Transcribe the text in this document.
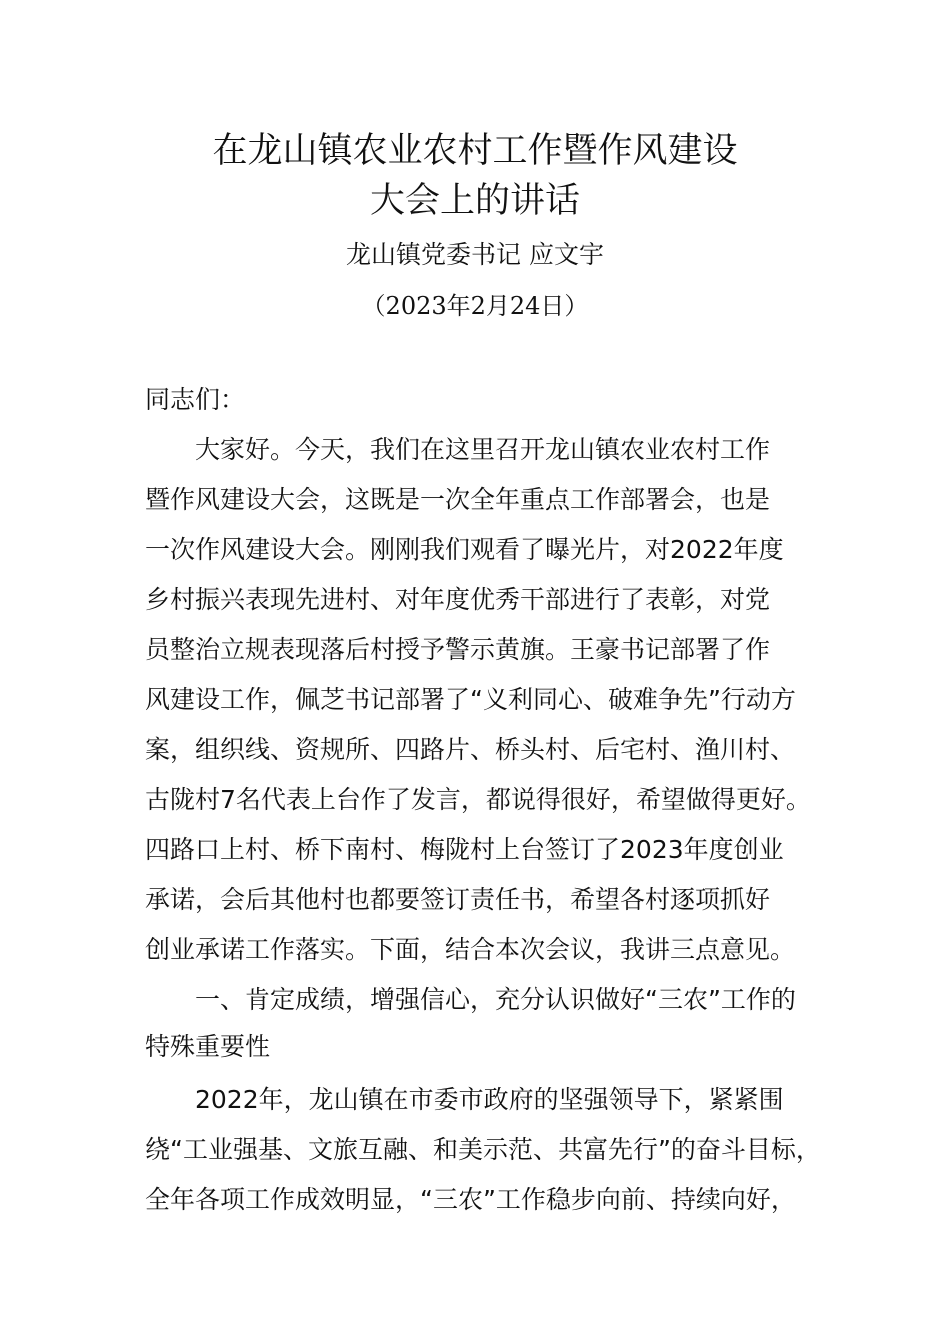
在龙山镇农业农村工作暨作风建设
大会上的讲话
龙山镇党委书记 应文宇
（2023年2月24日）
同志们：
大家好。今天，我们在这里召开龙山镇农业农村工作
暨作风建设大会，这既是一次全年重点工作部署会，也是
一次作风建设大会。刚刚我们观看了曝光片，对2022年度
乡村振兴表现先进村、对年度优秀干部进行了表彰，对党
员整治立规表现落后村授予警示黄旗。王豪书记部署了作
风建设工作，佩芝书记部署了“义利同心、破难争先”行动方
案，组织线、资规所、四路片、桥头村、后宅村、渔川村、
古陇村7名代表上台作了发言，都说得很好，希望做得更好。
四路口上村、桥下南村、梅陇村上台签订了2023年度创业
承诺，会后其他村也都要签订责任书，希望各村逐项抓好
创业承诺工作落实。下面，结合本次会议，我讲三点意见。
一、肯定成绩，增强信心，充分认识做好“三农”工作的
特殊重要性
2022年，龙山镇在市委市政府的坚强领导下，紧紧围
绕“工业强基、文旅互融、和美示范、共富先行”的奋斗目标，
全年各项工作成效明显，“三农”工作稳步向前、持续向好，
